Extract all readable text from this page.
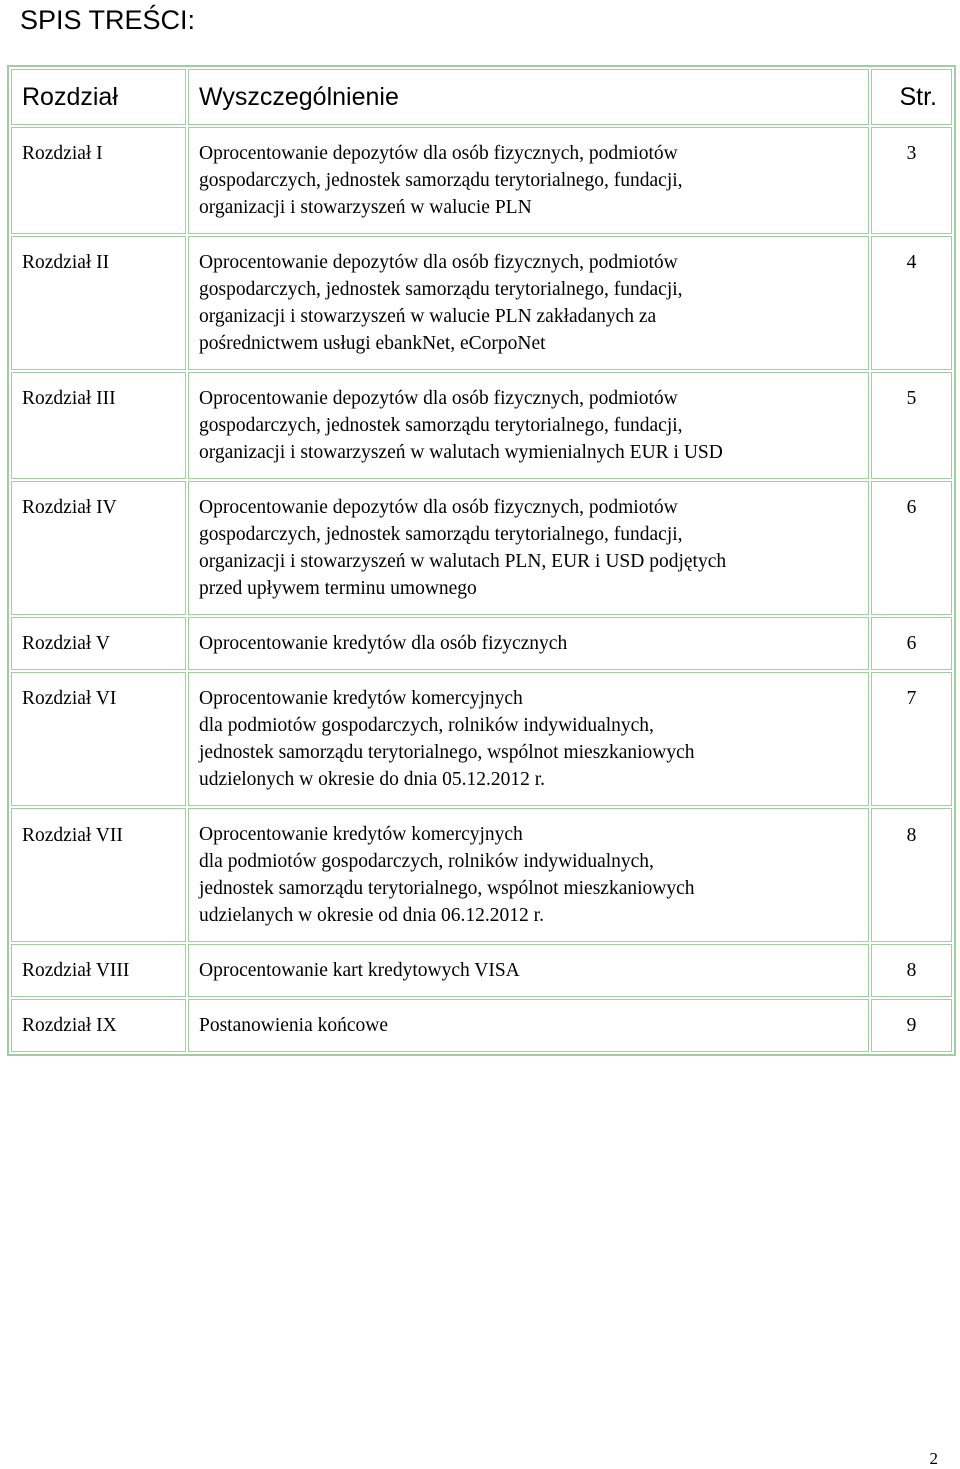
SPIS TREŚCI:
Rozdział	Wyszczególnienie	Str.
Rozdział I	Oprocentowanie depozytów dla osób fizycznych, podmiotów
gospodarczych, jednostek samorządu terytorialnego, fundacji,
organizacji i stowarzyszeń w walucie PLN	3
Rozdział II	Oprocentowanie depozytów dla osób fizycznych, podmiotów
gospodarczych, jednostek samorządu terytorialnego, fundacji,
organizacji i stowarzyszeń w walucie PLN zakładanych za
pośrednictwem usługi ebankNet, eCorpoNet	4
Rozdział III	Oprocentowanie depozytów dla osób fizycznych, podmiotów
gospodarczych, jednostek samorządu terytorialnego, fundacji,
organizacji i stowarzyszeń w walutach wymienialnych EUR i USD	5
Rozdział IV	Oprocentowanie depozytów dla osób fizycznych, podmiotów
gospodarczych, jednostek samorządu terytorialnego, fundacji,
organizacji i stowarzyszeń w walutach PLN, EUR i USD podjętych
przed upływem terminu umownego	6
Rozdział V	Oprocentowanie kredytów dla osób fizycznych	6
Rozdział VI	Oprocentowanie kredytów komercyjnych
dla podmiotów gospodarczych, rolników indywidualnych,
jednostek samorządu terytorialnego, wspólnot mieszkaniowych
udzielonych w okresie do dnia 05.12.2012 r.	7
Rozdział VII	Oprocentowanie kredytów komercyjnych
dla podmiotów gospodarczych, rolników indywidualnych,
jednostek samorządu terytorialnego, wspólnot mieszkaniowych
udzielanych w okresie od dnia 06.12.2012 r.	8
Rozdział VIII	Oprocentowanie kart kredytowych VISA	8
Rozdział IX	Postanowienia końcowe	9
2
